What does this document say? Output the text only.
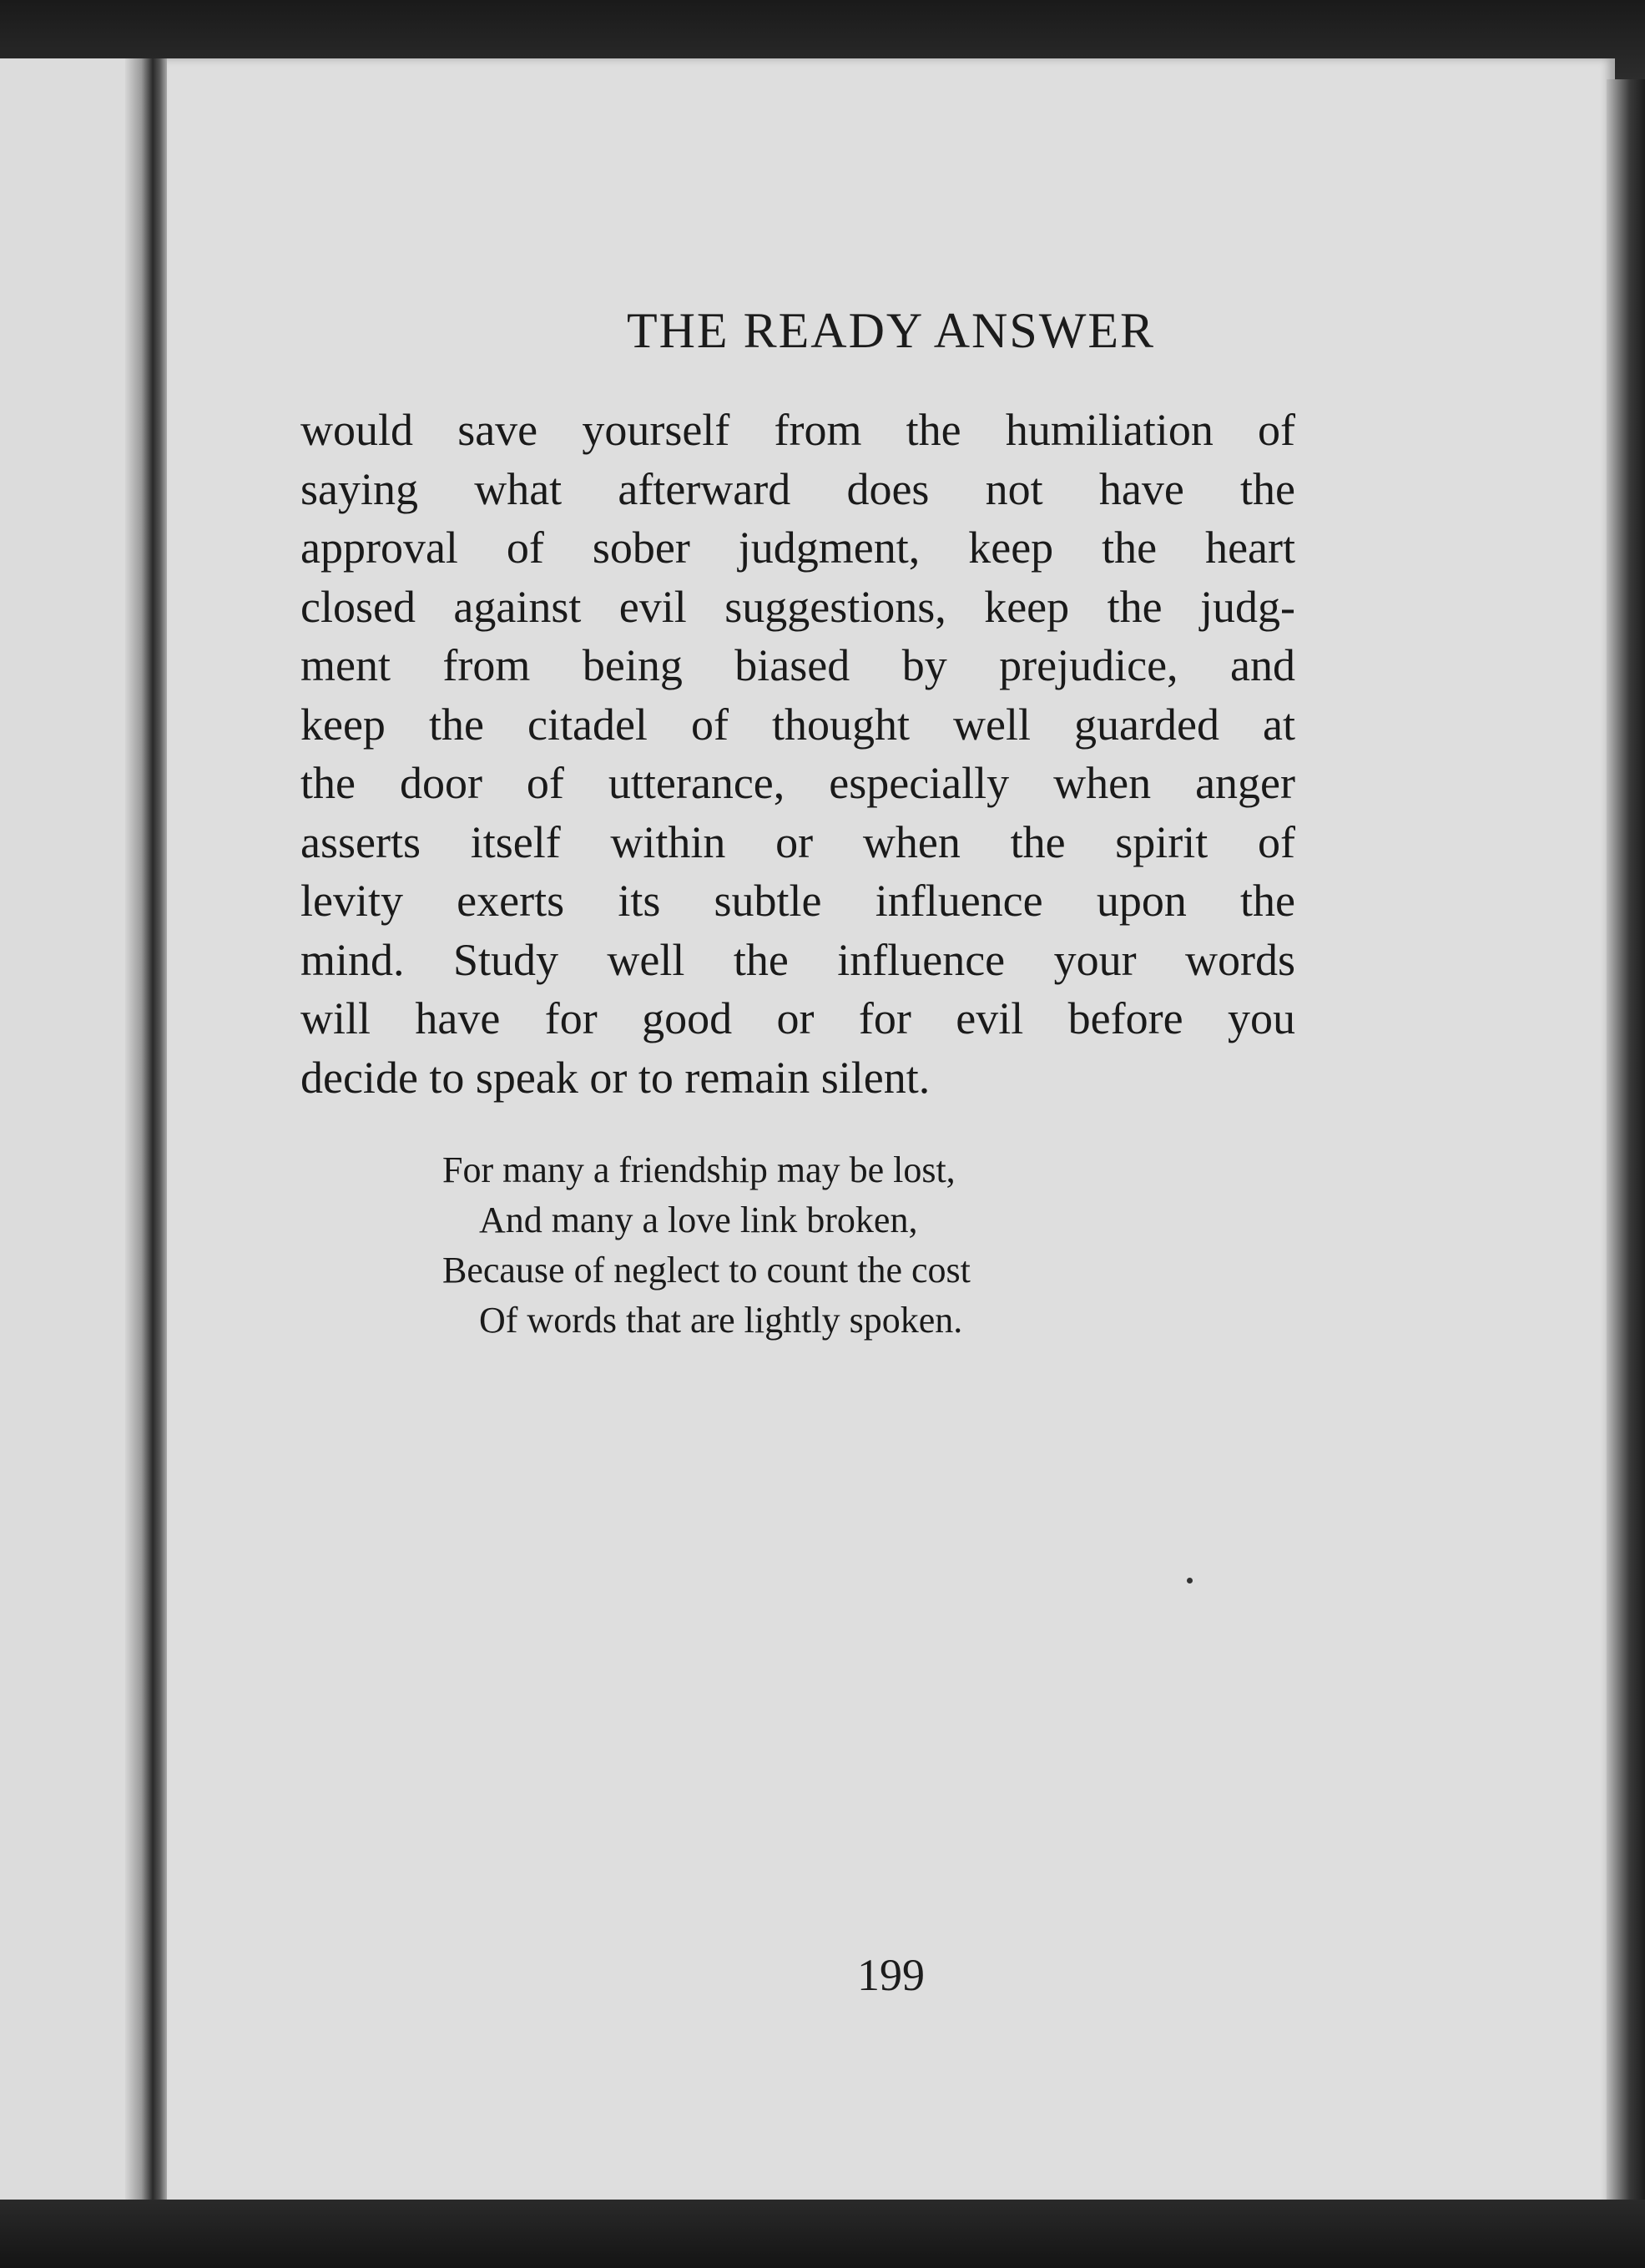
THE READY ANSWER

would save yourself from the humiliation of
saying what afterward does not have the
approval of sober judgment, keep the heart
closed against evil suggestions, keep the judg-
ment from being biased by prejudice, and
keep the citadel of thought well guarded at
the door of utterance, especially when anger
asserts itself within or when the spirit of
levity exerts its subtle influence upon the
mind. Study well the influence your words
will have for good or for evil before you
decide to speak or to remain silent.

For many a friendship may be lost,
And many a love link broken,
Because of neglect to count the cost
Of words that are lightly spoken.

199
